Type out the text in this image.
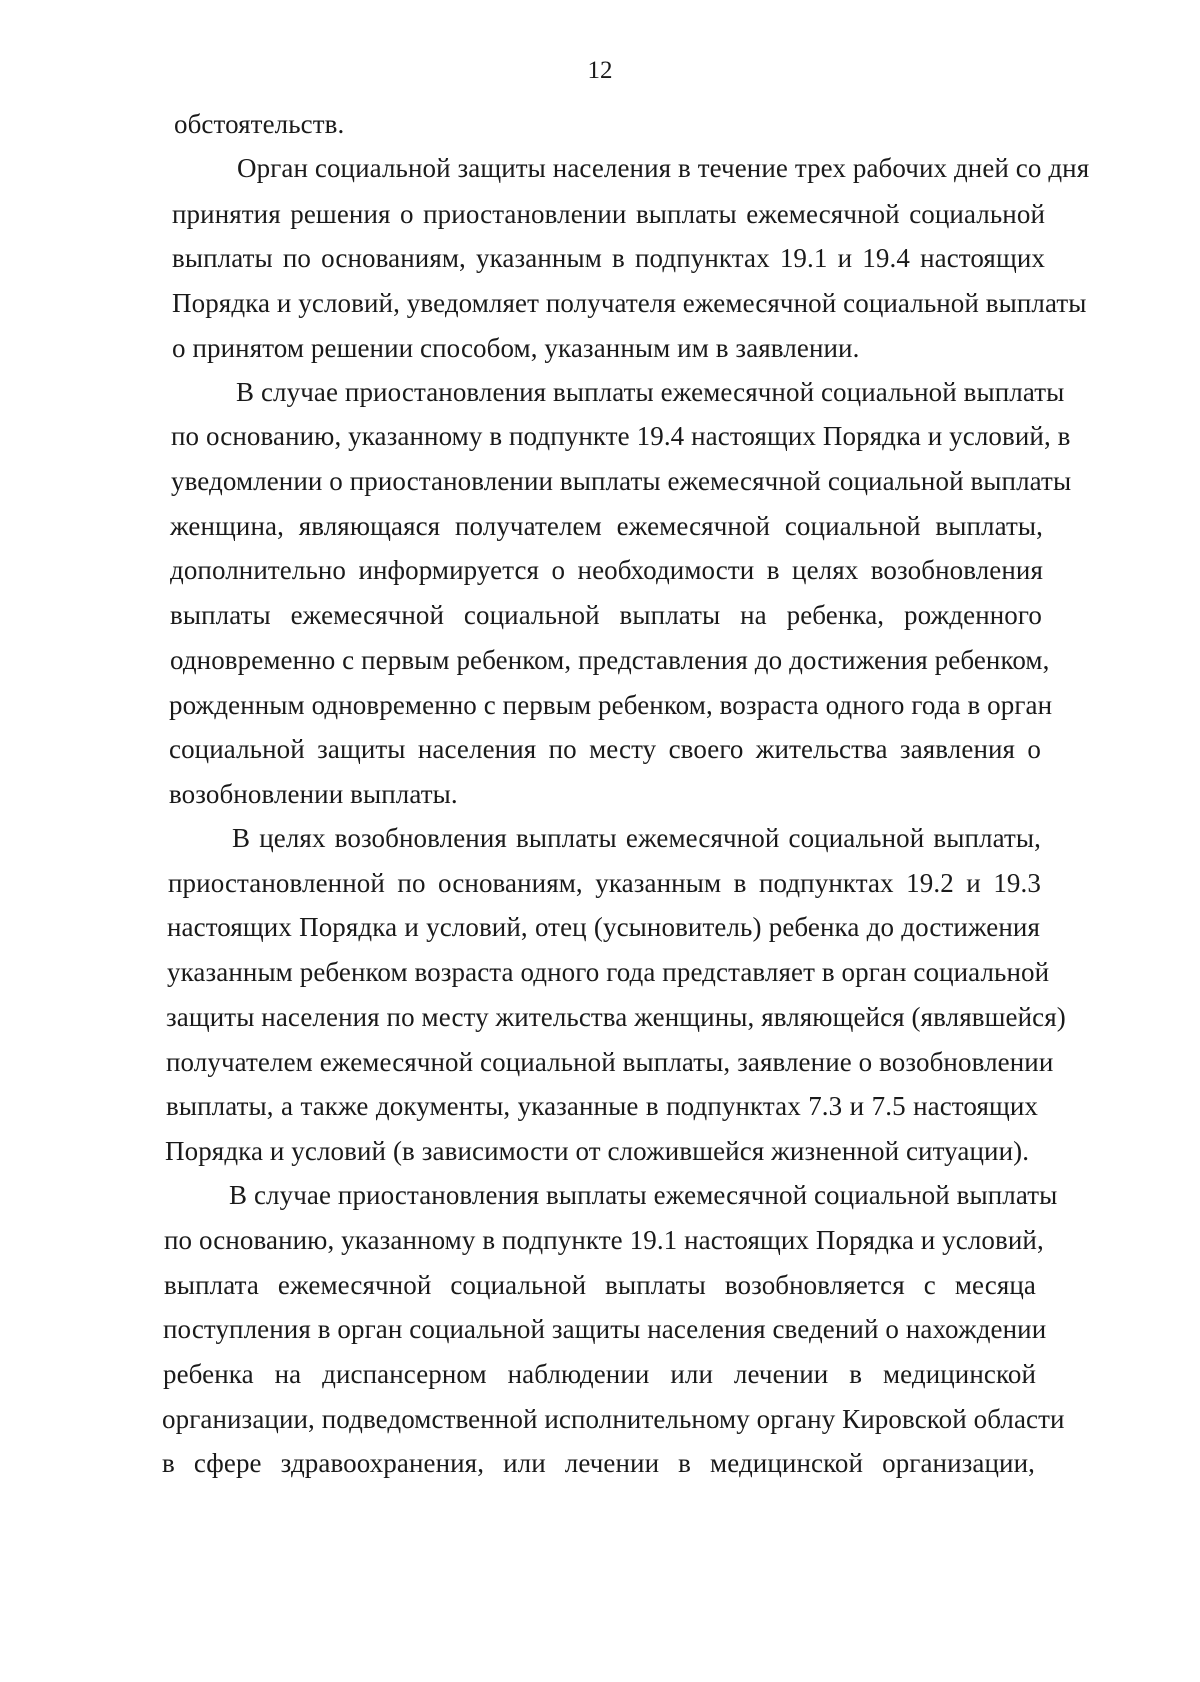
12
обстоятельств.
Орган социальной защиты населения в течение трех рабочих дней со дня
принятия решения о приостановлении выплаты ежемесячной социальной
выплаты по основаниям, указанным в подпунктах 19.1 и 19.4 настоящих
Порядка и условий, уведомляет получателя ежемесячной социальной выплаты
о принятом решении способом, указанным им в заявлении.
В случае приостановления выплаты ежемесячной социальной выплаты
по основанию, указанному в подпункте 19.4 настоящих Порядка и условий, в
уведомлении о приостановлении выплаты ежемесячной социальной выплаты
женщина, являющаяся получателем ежемесячной социальной выплаты,
дополнительно информируется о необходимости в целях возобновления
выплаты ежемесячной социальной выплаты на ребенка, рожденного
одновременно с первым ребенком, представления до достижения ребенком,
рожденным одновременно с первым ребенком, возраста одного года в орган
социальной защиты населения по месту своего жительства заявления о
возобновлении выплаты.
В целях возобновления выплаты ежемесячной социальной выплаты,
приостановленной по основаниям, указанным в подпунктах 19.2 и 19.3
настоящих Порядка и условий, отец (усыновитель) ребенка до достижения
указанным ребенком возраста одного года представляет в орган социальной
защиты населения по месту жительства женщины, являющейся (являвшейся)
получателем ежемесячной социальной выплаты, заявление о возобновлении
выплаты, а также документы, указанные в подпунктах 7.3 и 7.5 настоящих
Порядка и условий (в зависимости от сложившейся жизненной ситуации).
В случае приостановления выплаты ежемесячной социальной выплаты
по основанию, указанному в подпункте 19.1 настоящих Порядка и условий,
выплата ежемесячной социальной выплаты возобновляется с месяца
поступления в орган социальной защиты населения сведений о нахождении
ребенка на диспансерном наблюдении или лечении в медицинской
организации, подведомственной исполнительному органу Кировской области
в сфере здравоохранения, или лечении в медицинской организации,
